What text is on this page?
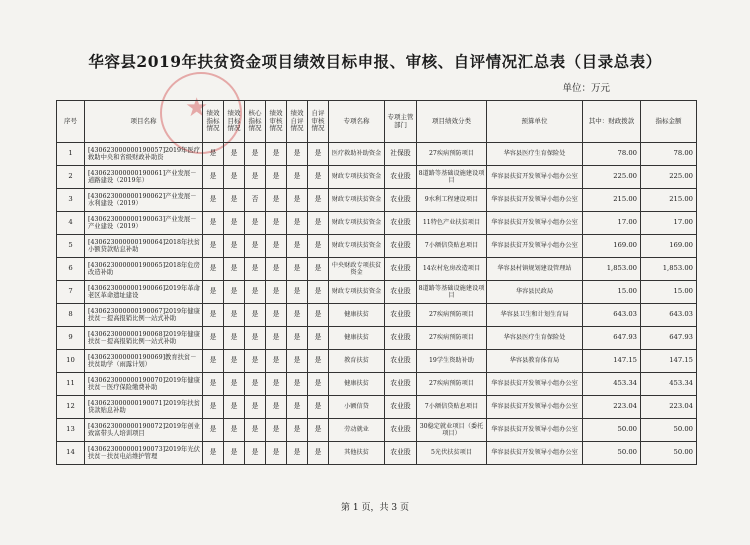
★
华容县2019年扶贫资金项目绩效目标申报、审核、自评情况汇总表（目录总表）
单位：万元
序号	项目名称	绩效指标情况	绩效目标情况	核心指标情况	绩效审核情况	绩效自评情况	自评审核情况	专项名称	专项主管部门	项目绩效分类	预算单位	其中：财政拨款	指标金额
1	[430623000000190057]2019年医疗救助中央和省级财政补助资	是	是	是	是	是	是	医疗救助补助资金	社保股	27疾病预防项目	华容县医疗生育保险处	78.00	78.00
2	[430623000000190061]产业发展－道路建设（2019年）	是	是	是	是	是	是	财政专项扶贫资金	农业股	8道路等基础设施建设项目	华容县扶贫开发领导小组办公室	225.00	225.00
3	[430623000000190062]产业发展－水利建设（2019）	是	是	否	是	是	是	财政专项扶贫资金	农业股	9水利工程建设项目	华容县扶贫开发领导小组办公室	215.00	215.00
4	[430623000000190063]产业发展－产业建设（2019）	是	是	是	是	是	是	财政专项扶贫资金	农业股	11特色产业扶贫项目	华容县扶贫开发领导小组办公室	17.00	17.00
5	[430623000000190064]2018年扶贫小额贷款贴息补助	是	是	是	是	是	是	财政专项扶贫资金	农业股	7小额信贷贴息项目	华容县扶贫开发领导小组办公室	169.00	169.00
6	[430623000000190065]2018年危房改造补助	是	是	是	是	是	是	中央财政专项扶贫资金	农业股	14农村危房改造项目	华容县村镇规划建设管理站	1,853.00	1,853.00
7	[430623000000190066]2019年革命老区革命遗址建设	是	是	是	是	是	是	财政专项扶贫资金	农业股	8道路等基础设施建设项目	华容县民政局	15.00	15.00
8	[430623000000190067]2019年健康扶贫－提高报销比例一站式补助	是	是	是	是	是	是	健康扶贫	农业股	27疾病预防项目	华容县卫生和计划生育局	643.03	643.03
9	[430623000000190068]2019年健康扶贫－提高报销比例一站式补助	是	是	是	是	是	是	健康扶贫	农业股	27疾病预防项目	华容县医疗生育保险处	647.93	647.93
10	[430623000000190069]教育扶贫－扶贫助学（雨露计划）	是	是	是	是	是	是	教育扶贫	农业股	19学生资助补助	华容县教育体育局	147.15	147.15
11	[430623000000190070]2019年健康扶贫－医疗保险缴费补助	是	是	是	是	是	是	健康扶贫	农业股	27疾病预防项目	华容县扶贫开发领导小组办公室	453.34	453.34
12	[430623000000190071]2019年扶贫贷款贴息补助	是	是	是	是	是	是	小额信贷	农业股	7小额信贷贴息项目	华容县扶贫开发领导小组办公室	223.04	223.04
13	[430623000000190072]2019年创业致富带头人培训项目	是	是	是	是	是	是	劳动就业	农业股	30稳定就业项目（委托项目）	华容县扶贫开发领导小组办公室	50.00	50.00
14	[430623000000190073]2019年光伏扶贫－扶贫电站维护管理	是	是	是	是	是	是	其他扶贫	农业股	5光伏扶贫项目	华容县扶贫开发领导小组办公室	50.00	50.00
第 1 页，共 3 页
